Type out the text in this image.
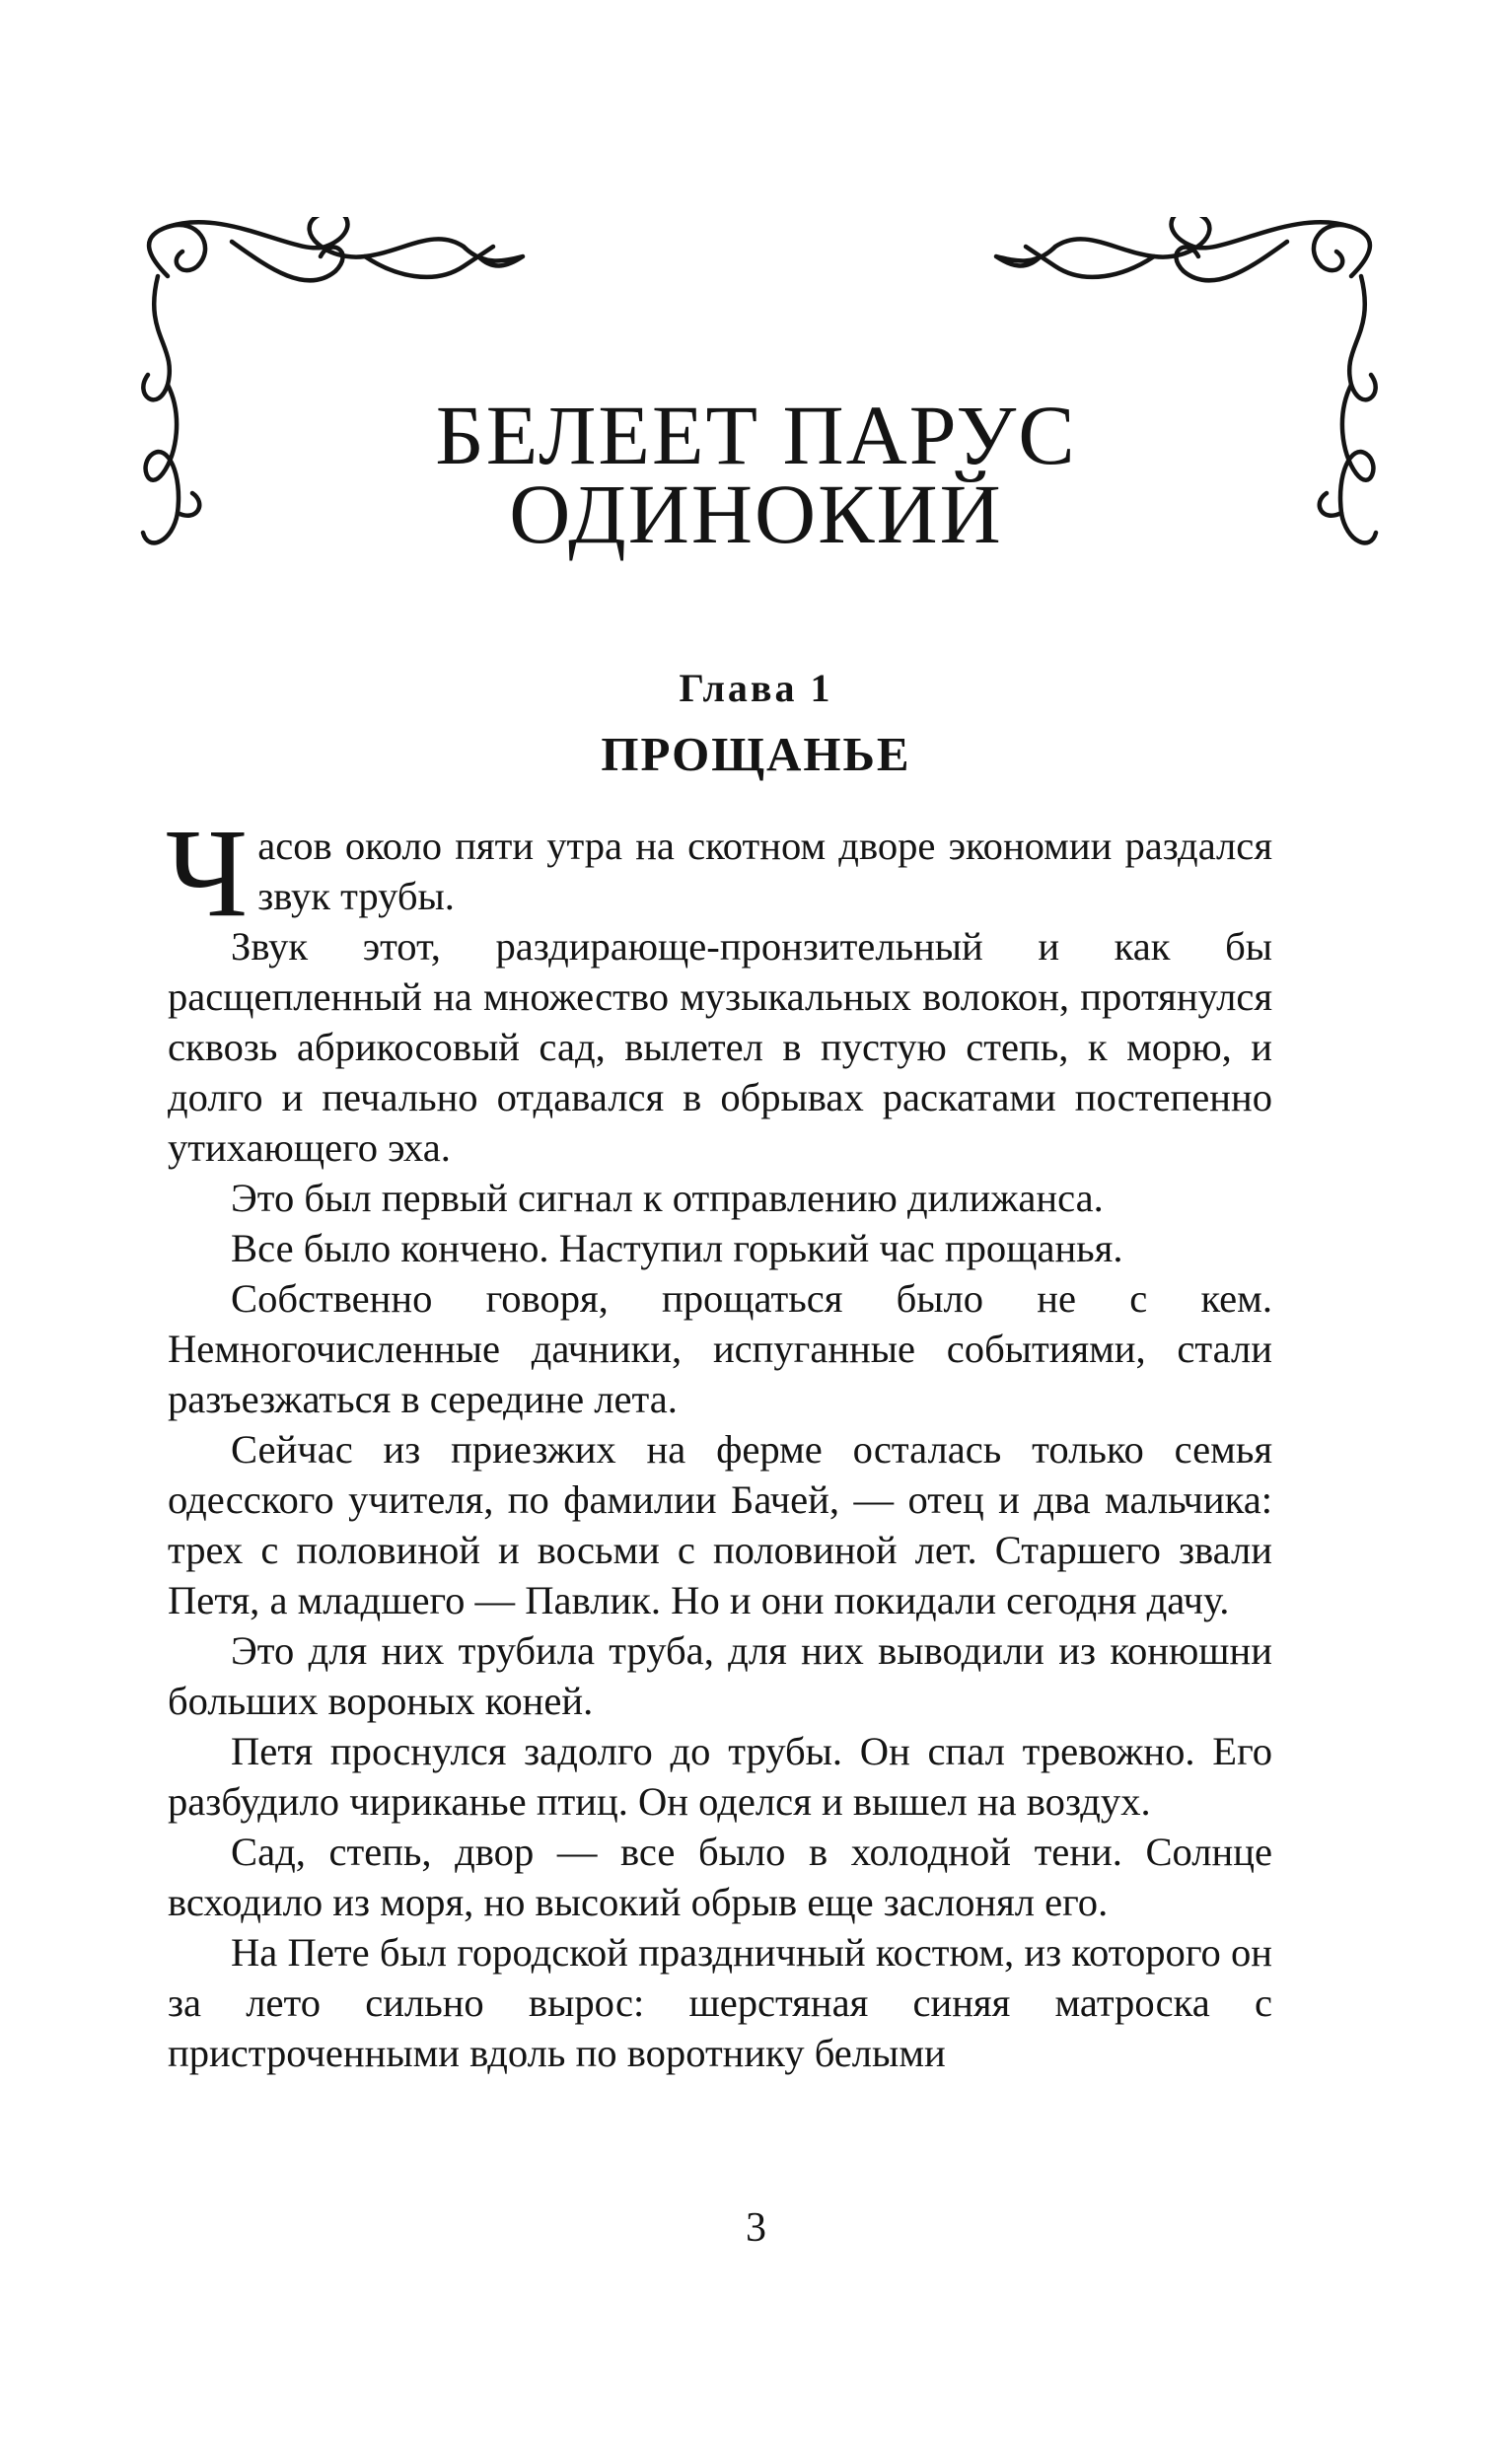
БЕЛЕЕТ ПАРУС
ОДИНОКИЙ
Глава 1
ПРОЩАНЬЕ

Часов около пяти утра на скотном дворе экономии раздался звук трубы.

Звук этот, раздирающе-пронзительный и как бы расщепленный на множество музыкальных волокон, протянулся сквозь абрикосовый сад, вылетел в пустую степь, к морю, и долго и печально отдавался в обрывах раскатами постепенно утихающего эха.

Это был первый сигнал к отправлению дилижанса.

Все было кончено. Наступил горький час прощанья.

Собственно говоря, прощаться было не с кем. Немногочисленные дачники, испуганные событиями, стали разъезжаться в середине лета.

Сейчас из приезжих на ферме осталась только семья одесского учителя, по фамилии Бачей, — отец и два мальчика: трех с половиной и восьми с половиной лет. Старшего звали Петя, а младшего — Павлик. Но и они покидали сегодня дачу.

Это для них трубила труба, для них выводили из конюшни больших вороных коней.

Петя проснулся задолго до трубы. Он спал тревожно. Его разбудило чириканье птиц. Он оделся и вышел на воздух.

Сад, степь, двор — все было в холодной тени. Солнце всходило из моря, но высокий обрыв еще заслонял его.

На Пете был городской праздничный костюм, из которого он за лето сильно вырос: шерстяная синяя матроска с пристроченными вдоль по воротнику белыми

3
